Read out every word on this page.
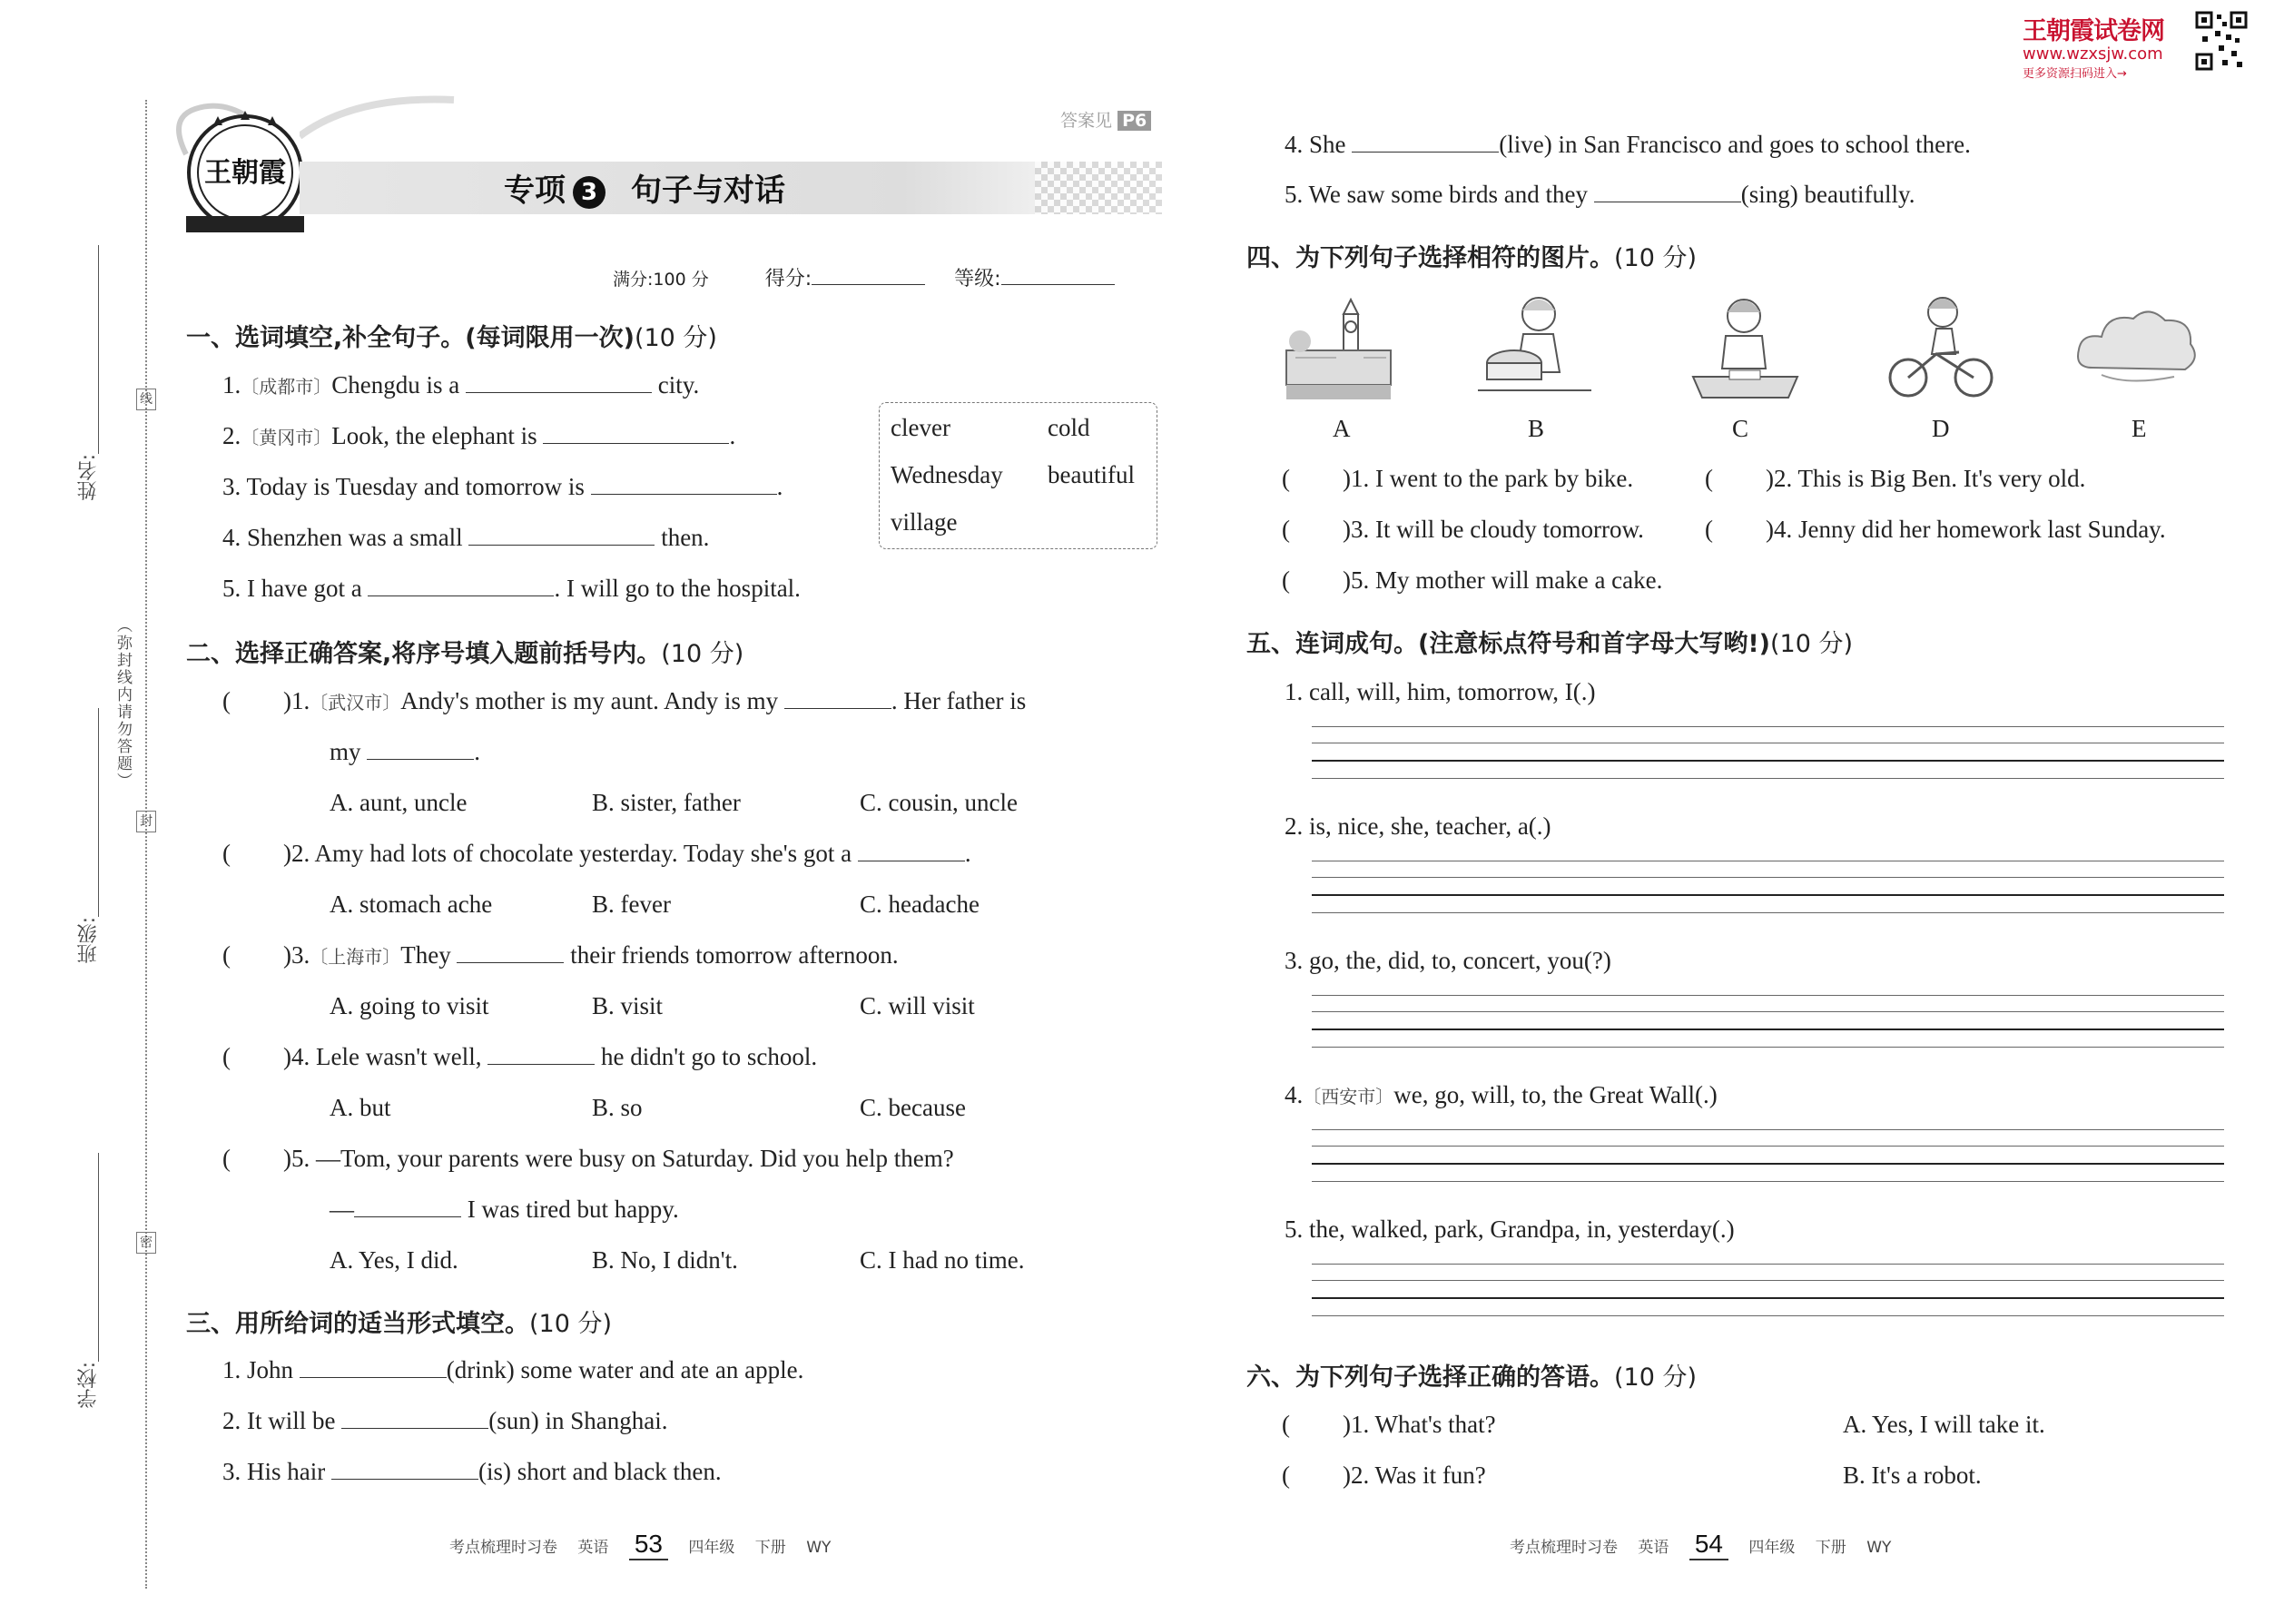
姓名:
线
（弥封线内请勿答题）
封
班级:
密
学校:
王朝霞
答案见 P6
专项 3 句子与对话
满分:100 分	得分:	等级:
一、选词填空,补全句子。(每词限用一次)(10 分)
1.〔成都市〕Chengdu is a	city.
2.〔黄冈市〕Look, the elephant is	.
3. Today is Tuesday and tomorrow is	.
4. Shenzhen was a small	then.
5. I have got a	. I will go to the hospital.
clever	cold
Wednesday beautiful
village
二、选择正确答案,将序号填入题前括号内。(10 分)
( )1.〔武汉市〕Andy's mother is my aunt. Andy is my	. Her father is
my	.
A. aunt, uncle	B. sister, father	C. cousin, uncle
( )2. Amy had lots of chocolate yesterday. Today she's got a	.
A. stomach ache	B. fever	C. headache
( )3.〔上海市〕They	their friends tomorrow afternoon.
A. going to visit	B. visit	C. will visit
( )4. Lele wasn't well,	he didn't go to school.
A. but	B. so	C. because
( )5. —Tom, your parents were busy on Saturday. Did you help them?
—	I was tired but happy.
A. Yes, I did.	B. No, I didn't.	C. I had no time.
三、用所给词的适当形式填空。(10 分)
1. John	(drink) some water and ate an apple.
2. It will be	(sun) in Shanghai.
3. His hair	(is) short and black then.
考点梳理时习卷　 英语　 53　 四年级　 下册　 WY
王朝霞试卷网
www.wzxsjw.com
更多资源扫码进入→
4. She	(live) in San Francisco and goes to school there.
5. We saw some birds and they	(sing) beautifully.
四、为下列句子选择相符的图片。(10 分)
A	B	C	D	E
( )1. I went to the park by bike.	( )2. This is Big Ben. It's very old.
( )3. It will be cloudy tomorrow. ( )4. Jenny did her homework last Sunday.
( )5. My mother will make a cake.
五、连词成句。(注意标点符号和首字母大写哟!)(10 分)
1. call, will, him, tomorrow, I(.)
2. is, nice, she, teacher, a(.)
3. go, the, did, to, concert, you(?)
4.〔西安市〕we, go, will, to, the Great Wall(.)
5. the, walked, park, Grandpa, in, yesterday(.)
六、为下列句子选择正确的答语。(10 分)
( )1. What's that?	A. Yes, I will take it.
( )2. Was it fun?	B. It's a robot.
考点梳理时习卷　 英语　 54　 四年级　 下册　 WY
